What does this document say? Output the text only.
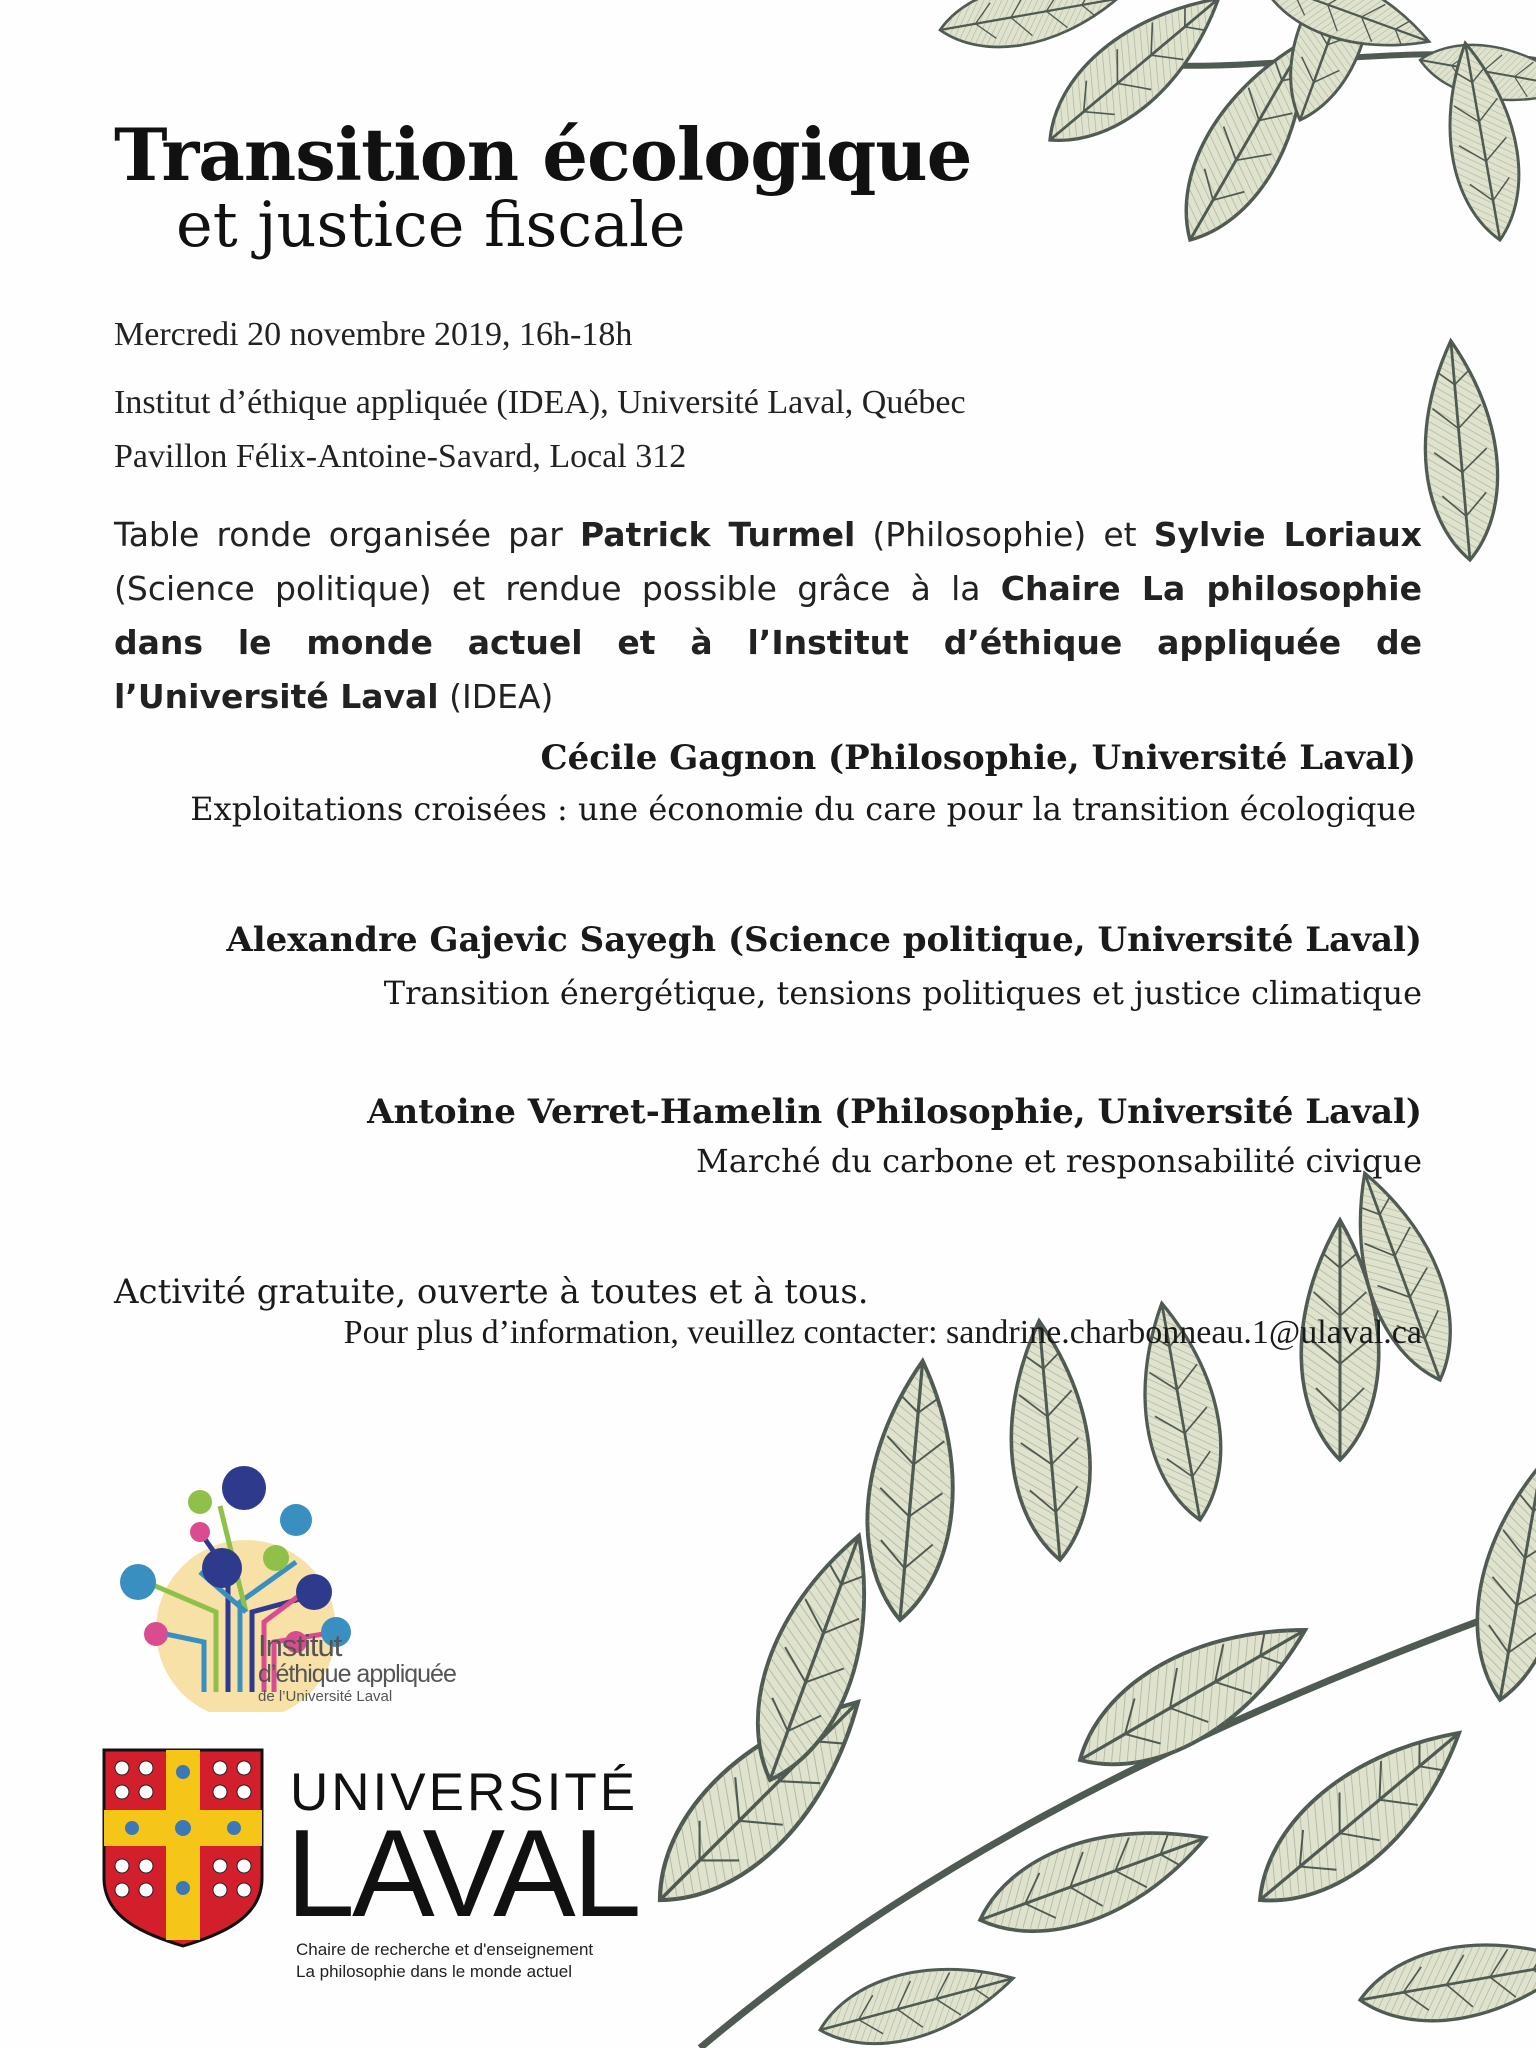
Transition écologique
et justice fiscale
Mercredi 20 novembre 2019, 16h-18h
Institut d’éthique appliquée (IDEA), Université Laval, Québec
Pavillon Félix-Antoine-Savard, Local 312
Table ronde organisée par Patrick Turmel (Philosophie) et Sylvie Loriaux (Science politique) et rendue possible grâce à la Chaire La philosophie dans le monde actuel et à l’Institut d’éthique appliquée de l’Université Laval (IDEA)
Cécile Gagnon (Philosophie, Université Laval)
Exploitations croisées : une économie du care pour la transition écologique
Alexandre Gajevic Sayegh (Science politique, Université Laval)
Transition énergétique, tensions politiques et justice climatique
Antoine Verret-Hamelin (Philosophie, Université Laval)
Marché du carbone et responsabilité civique
Activité gratuite, ouverte à toutes et à tous.
Pour plus d’information, veuillez contacter: sandrine.charbonneau.1@ulaval.ca
Institut
d’éthique appliquée
de l’Université Laval
UNIVERSITÉ
LAVAL
Chaire de recherche et d'enseignement
La philosophie dans le monde actuel
